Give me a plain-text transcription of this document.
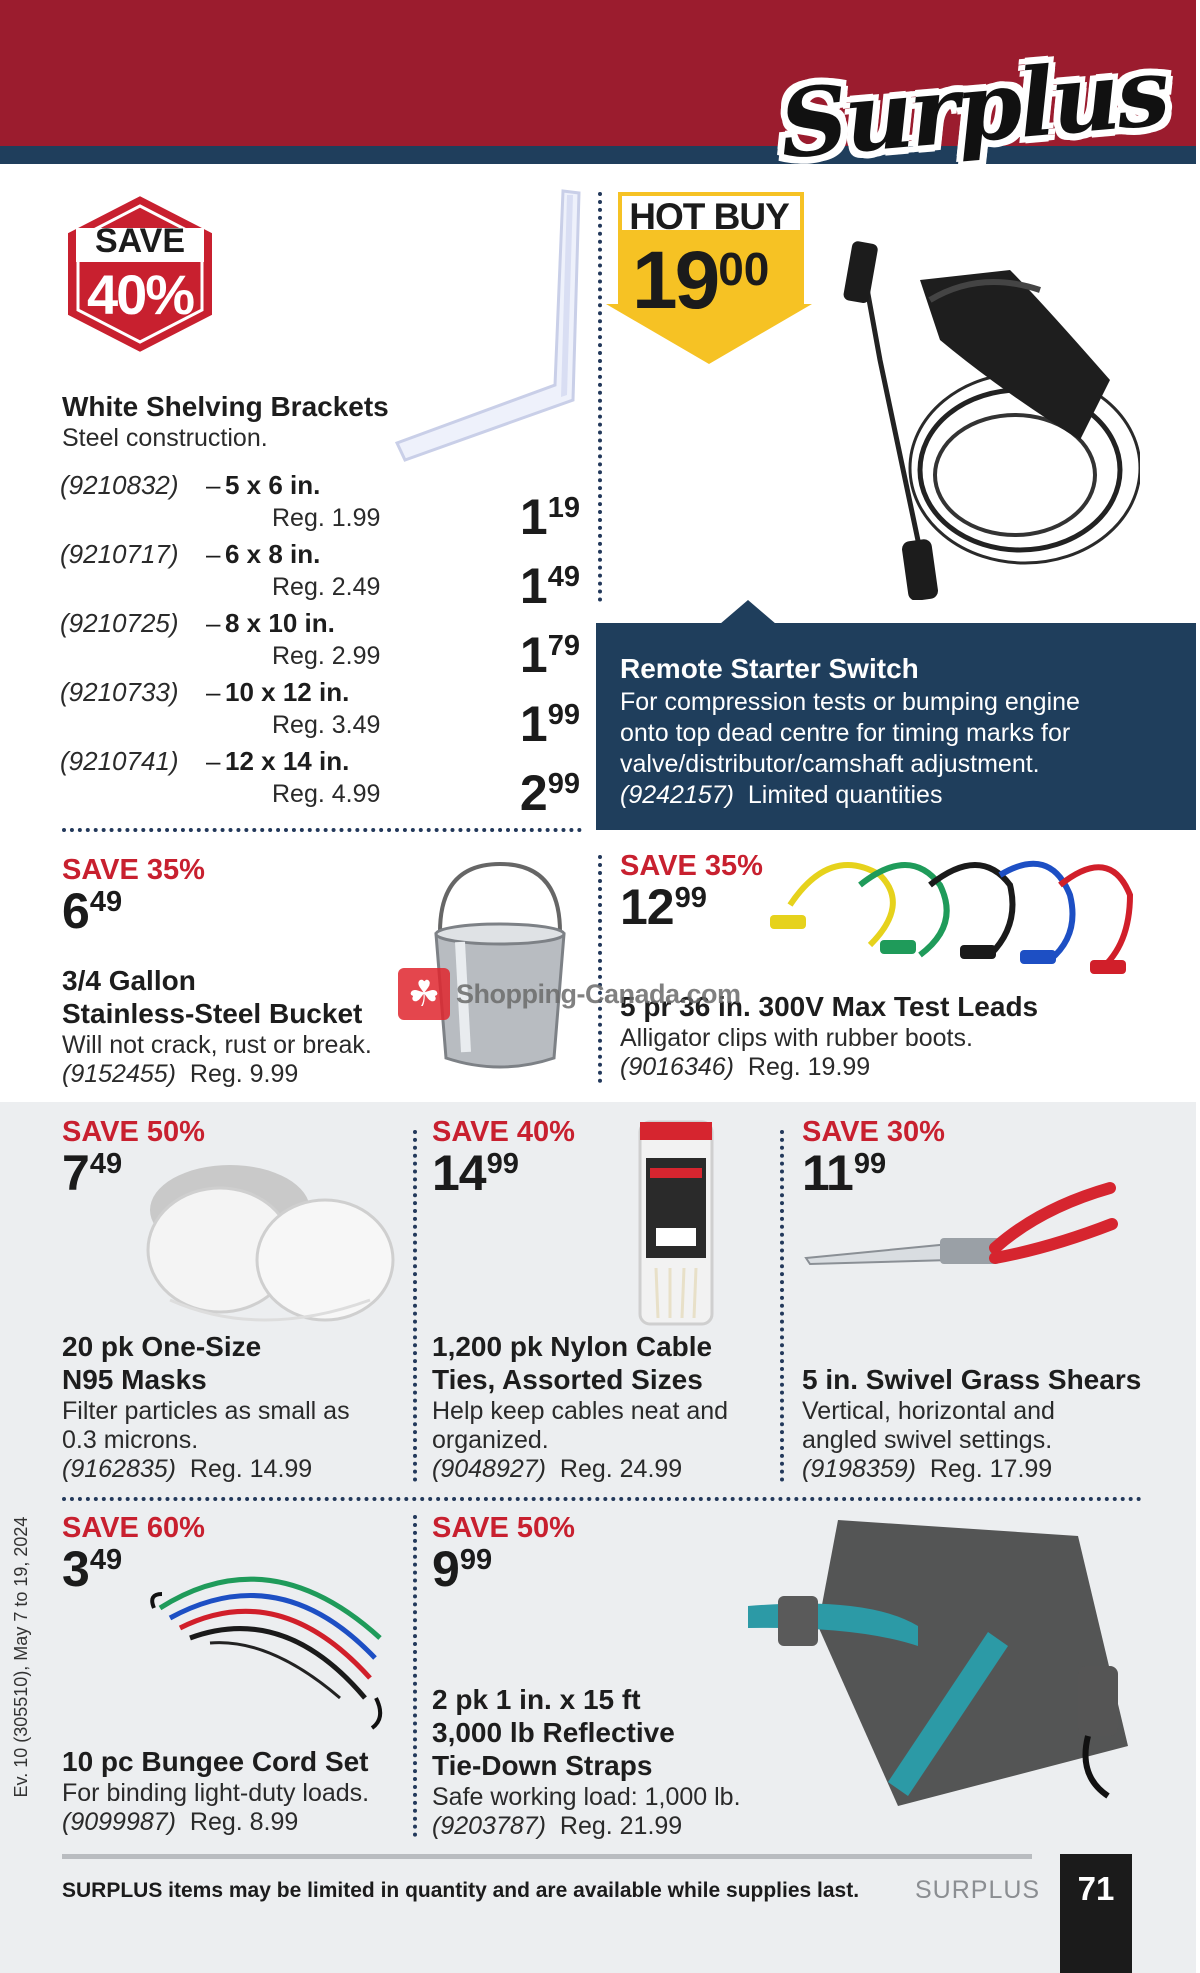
Surplus
SAVE
40%
White Shelving Brackets
Steel construction.
(9210832) 5 x 6 in.
–
Reg. 1.99	$1^{19}$
(9210717) 6 x 8 in.
–
Reg. 2.49	$1^{49}$
(9210725) 8 x 10 in.
–
Reg. 2.99	$1^{79}$
(9210733) 10 x 12 in.
–
Reg. 3.49	$1^{99}$
(9210741) 12 x 14 in.
–
Reg. 4.99	$2^{99}$
HOT BUY
$19^{00}$
Remote Starter Switch
For compression tests or bumping engine
onto top dead centre for timing marks for
valve/distributor/camshaft adjustment.
(9242157) Limited quantities
SAVE 35%
$6^{49}$
3/4 Gallon
Stainless-Steel Bucket
Will not crack, rust or break.
(9152455) Reg. 9.99
SAVE 35%
$12^{99}$
5 pr 36 in. 300V Max Test Leads
Alligator clips with rubber boots.
(9016346) Reg. 19.99
☘ Shopping-Canada.com
SAVE 50%
$7^{49}$
20 pk One-Size
N95 Masks
Filter particles as small as
0.3 microns.
(9162835) Reg. 14.99
SAVE 40%
$14^{99}$
1,200 pk Nylon Cable
Ties, Assorted Sizes
Help keep cables neat and
organized.
(9048927) Reg. 24.99
SAVE 30%
$11^{99}$
5 in. Swivel Grass Shears
Vertical, horizontal and
angled swivel settings.
(9198359) Reg. 17.99
SAVE 60%
$3^{49}$
10 pc Bungee Cord Set
For binding light-duty loads.
(9099987) Reg. 8.99
SAVE 50%
$9^{99}$
2 pk 1 in. x 15 ft
3,000 lb Reflective
Tie-Down Straps
Safe working load: 1,000 lb.
(9203787) Reg. 21.99
Ev. 10 (305510), May 7 to 19, 2024
SURPLUS items may be limited in quantity and are available while supplies last. SURPLUS	71
